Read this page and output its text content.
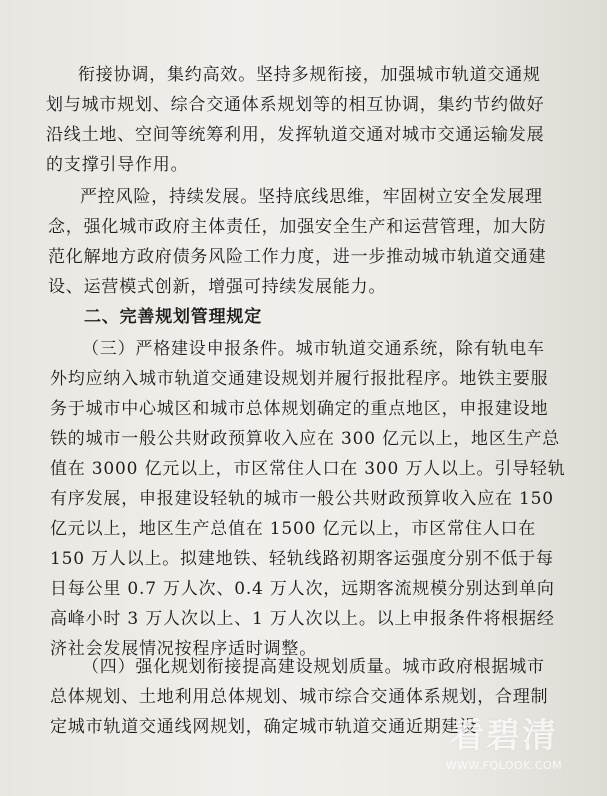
衔接协调，集约高效。坚持多规衔接，加强城市轨道交通规
划与城市规划、综合交通体系规划等的相互协调，集约节约做好
沿线土地、空间等统筹利用，发挥轨道交通对城市交通运输发展
的支撑引导作用。
严控风险，持续发展。坚持底线思维，牢固树立安全发展理
念，强化城市政府主体责任，加强安全生产和运营管理，加大防
范化解地方政府债务风险工作力度，进一步推动城市轨道交通建
设、运营模式创新，增强可持续发展能力。
二、完善规划管理规定
（三）严格建设申报条件。城市轨道交通系统，除有轨电车
外均应纳入城市轨道交通建设规划并履行报批程序。地铁主要服
务于城市中心城区和城市总体规划确定的重点地区，申报建设地
铁的城市一般公共财政预算收入应在 300 亿元以上，地区生产总
值在 3000 亿元以上，市区常住人口在 300 万人以上。引导轻轨
有序发展，申报建设轻轨的城市一般公共财政预算收入应在 150
亿元以上，地区生产总值在 1500 亿元以上，市区常住人口在
150 万人以上。拟建地铁、轻轨线路初期客运强度分别不低于每
日每公里 0.7 万人次、0.4 万人次，远期客流规模分别达到单向
高峰小时 3 万人次以上、1 万人次以上。以上申报条件将根据经
济社会发展情况按程序适时调整。
（四）强化规划衔接提高建设规划质量。城市政府根据城市
总体规划、土地利用总体规划、城市综合交通体系规划，合理制
定城市轨道交通线网规划，确定城市轨道交通近期建设
看碧清
WWW.FQLOOK.COM
